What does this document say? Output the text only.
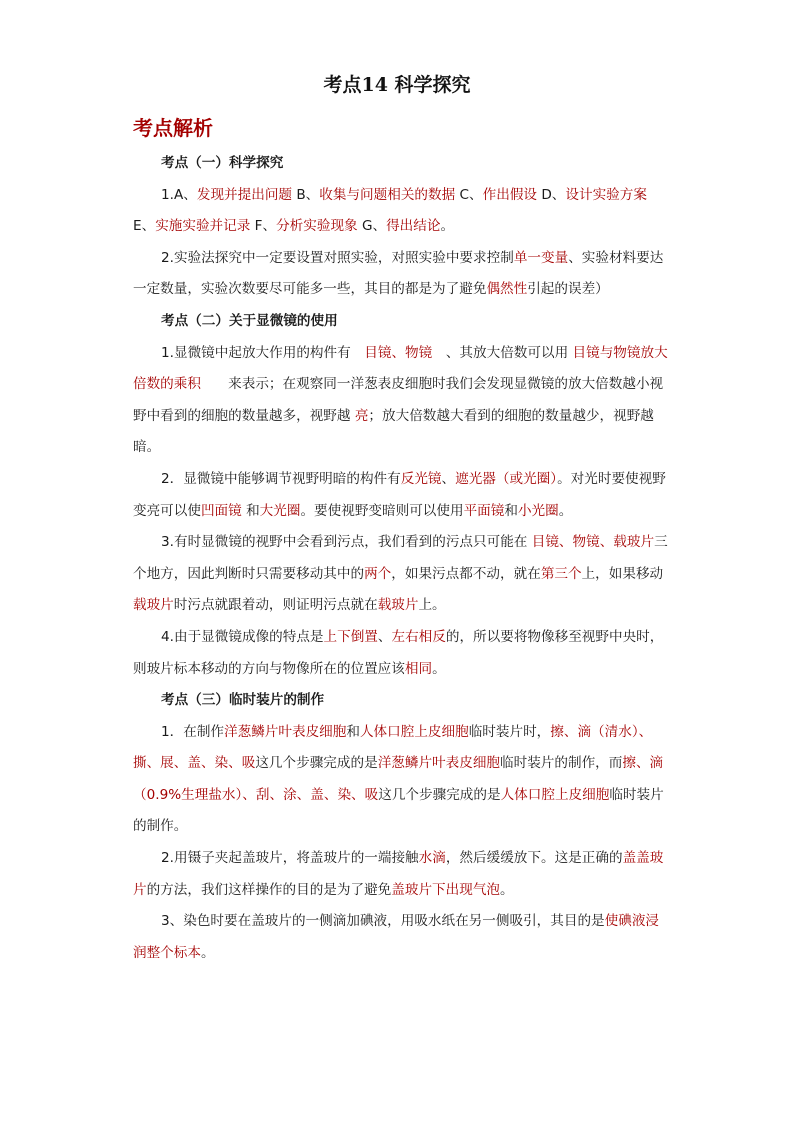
考点14 科学探究
考点解析

考点（一）科学探究

1.A、发现并提出问题 B、收集与问题相关的数据 C、作出假设 D、设计实验方案 E、实施实验并记录 F、分析实验现象 G、得出结论。

2.实验法探究中一定要设置对照实验，对照实验中要求控制单一变量、实验材料要达一定数量，实验次数要尽可能多一些，其目的都是为了避免偶然性引起的误差）

考点（二）关于显微镜的使用

1.显微镜中起放大作用的构件有　目镜、物镜　、其放大倍数可以用 目镜与物镜放大倍数的乘积　　来表示；在观察同一洋葱表皮细胞时我们会发现显微镜的放大倍数越小视野中看到的细胞的数量越多，视野越 亮；放大倍数越大看到的细胞的数量越少，视野越暗。

2．显微镜中能够调节视野明暗的构件有反光镜、遮光器（或光圈）。对光时要使视野变亮可以使凹面镜 和大光圈。要使视野变暗则可以使用平面镜和小光圈。

3.有时显微镜的视野中会看到污点，我们看到的污点只可能在 目镜、物镜、载玻片三个地方，因此判断时只需要移动其中的两个，如果污点都不动，就在第三个上，如果移动载玻片时污点就跟着动，则证明污点就在载玻片上。

4.由于显微镜成像的特点是上下倒置、左右相反的，所以要将物像移至视野中央时，则玻片标本移动的方向与物像所在的位置应该相同。

考点（三）临时装片的制作

1．在制作洋葱鳞片叶表皮细胞和人体口腔上皮细胞临时装片时，擦、滴（清水）、撕、展、盖、染、吸这几个步骤完成的是洋葱鳞片叶表皮细胞临时装片的制作，而擦、滴（0.9%生理盐水）、刮、涂、盖、染、吸这几个步骤完成的是人体口腔上皮细胞临时装片的制作。

2.用镊子夹起盖玻片，将盖玻片的一端接触水滴，然后缓缓放下。这是正确的盖盖玻片的方法，我们这样操作的目的是为了避免盖玻片下出现气泡。

3、染色时要在盖玻片的一侧滴加碘液，用吸水纸在另一侧吸引，其目的是使碘液浸润整个标本。
